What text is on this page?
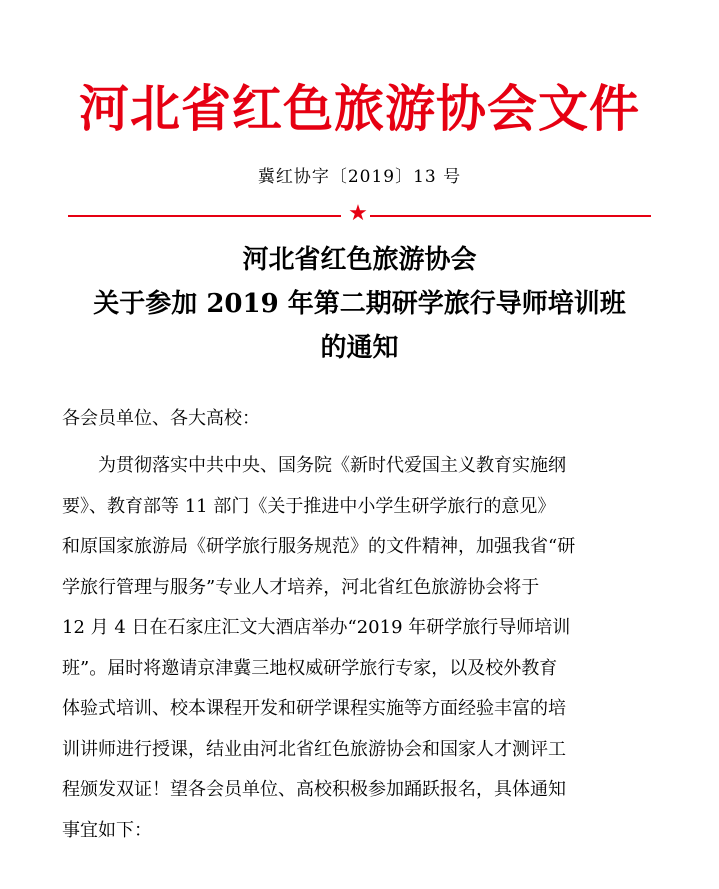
河北省红色旅游协会文件
冀红协字〔2019〕13 号
★
河北省红色旅游协会
关于参加 2019 年第二期研学旅行导师培训班
的通知
各会员单位、各大高校：
为贯彻落实中共中央、国务院《新时代爱国主义教育实施纲
要》、教育部等 11 部门《关于推进中小学生研学旅行的意见》
和原国家旅游局《研学旅行服务规范》的文件精神，加强我省“研
学旅行管理与服务”专业人才培养，河北省红色旅游协会将于
12 月 4 日在石家庄汇文大酒店举办“2019 年研学旅行导师培训
班”。届时将邀请京津冀三地权威研学旅行专家，以及校外教育
体验式培训、校本课程开发和研学课程实施等方面经验丰富的培
训讲师进行授课，结业由河北省红色旅游协会和国家人才测评工
程颁发双证！望各会员单位、高校积极参加踊跃报名，具体通知
事宜如下：
